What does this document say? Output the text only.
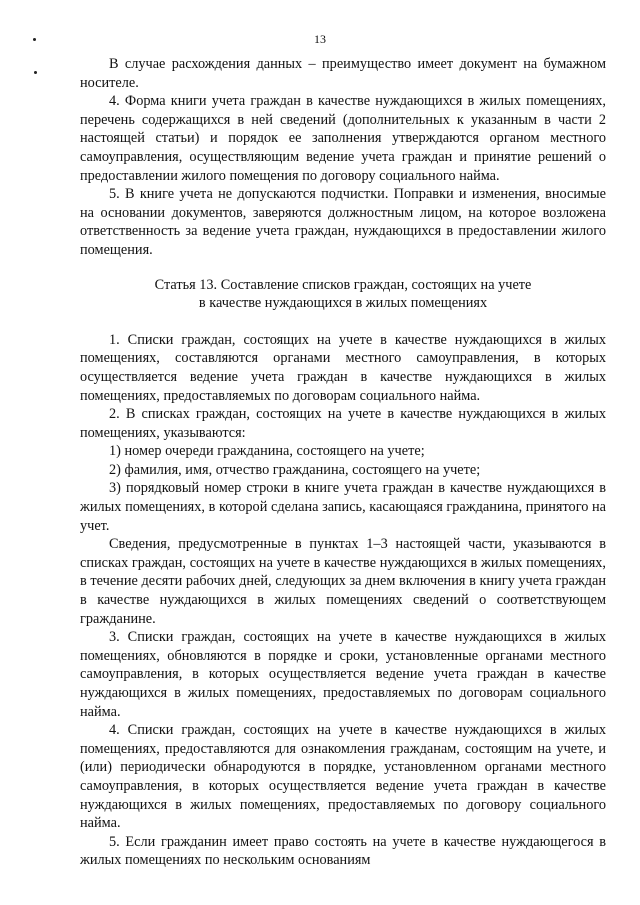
13

В случае расхождения данных – преимущество имеет документ на бумажном носителе.

4. Форма книги учета граждан в качестве нуждающихся в жилых помещениях, перечень содержащихся в ней сведений (дополнительных к указанным в части 2 настоящей статьи) и порядок ее заполнения утверждаются органом местного самоуправления, осуществляющим ведение учета граждан и принятие решений о предоставлении жилого помещения по договору социального найма.

5. В книге учета не допускаются подчистки. Поправки и изменения, вносимые на основании документов, заверяются должностным лицом, на которое возложена ответственность за ведение учета граждан, нуждающихся в предоставлении жилого помещения.

Статья 13. Составление списков граждан, состоящих на учете
в качестве нуждающихся в жилых помещениях

1. Списки граждан, состоящих на учете в качестве нуждающихся в жилых помещениях, составляются органами местного самоуправления, в которых осуществляется ведение учета граждан в качестве нуждающихся в жилых помещениях, предоставляемых по договорам социального найма.

2. В списках граждан, состоящих на учете в качестве нуждающихся в жилых помещениях, указываются:

1) номер очереди гражданина, состоящего на учете;

2) фамилия, имя, отчество гражданина, состоящего на учете;

3) порядковый номер строки в книге учета граждан в качестве нуждающихся в жилых помещениях, в которой сделана запись, касающаяся гражданина, принятого на учет.

Сведения, предусмотренные в пунктах 1–3 настоящей части, указываются в списках граждан, состоящих на учете в качестве нуждающихся в жилых помещениях, в течение десяти рабочих дней, следующих за днем включения в книгу учета граждан в качестве нуждающихся в жилых помещениях сведений о соответствующем гражданине.

3. Списки граждан, состоящих на учете в качестве нуждающихся в жилых помещениях, обновляются в порядке и сроки, установленные органами местного самоуправления, в которых осуществляется ведение учета граждан в качестве нуждающихся в жилых помещениях, предоставляемых по договорам социального найма.

4. Списки граждан, состоящих на учете в качестве нуждающихся в жилых помещениях, предоставляются для ознакомления гражданам, состоящим на учете, и (или) периодически обнародуются в порядке, установленном органами местного самоуправления, в которых осуществляется ведение учета граждан в качестве нуждающихся в жилых помещениях, предоставляемых по договору социального найма.

5. Если гражданин имеет право состоять на учете в качестве нуждающегося в жилых помещениях по нескольким основаниям
